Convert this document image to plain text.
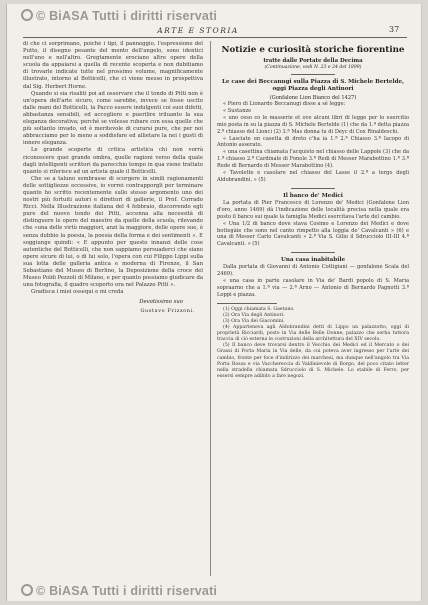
© BiASA Tutti i diritti riservati
ARTE E STORIA	37

di che ci sorprimano, poiché i tipi, il panneggio, l'espressione del Putto, il disegno pesante del mento dell'angelo, sono identici nell'uno e nell'altro. Gregtamente erociano altre opere della scuola da appaiarsi a quella di recente scoperta e non dubitiamo di trovarle indicate tutte nel prossimo volume, magnificamente illustrato, intorno al Botticelli, che ci viene messo in prospettiva dal Sig. Herbert Horne.

Quando si sia risaliti poi ad osservare che il tondo di Pitti non è un'opera dell'arte sicuro, come sarebbe, invece se fosse uscito dalle mani del Botticelli, la Pacco essere indulgenti coi suoi difetti, abbastanza sensibili, ed accogliere e puerilire iriluanto la sua eleganza decorativa; perché se volesse rubare con essa quelle che più soltanto invado, ed è meritevole di curarsi pure, che per noi abbracciamo per lo meno a soddisfare ed allietare la nei i gusti di innere eleganza.

Le grande scoperte di critica artistica chi non vorrà riconoscere quei grande ombra, quelle ragioni verso della quale dagli intelligenti scrittori da parecchio tempo in qua viene trattato quanto si riferisce ad un artista quale il Botticelli.

Che se a taluno sembrasse di scorgere in simili ragionamenti delle sottigliezze eccessive, io vorrei contrapporgli per terminare quanto ho scritto recentemente sullo stesso argomento uno dei nostri più fortuiti autori e direttori di gallerie, il Prof. Corrado Ricci. Nella Illustrazione italiana del 4 febbraio, discorrendo egli pure del nuovo tondo dei Pitti, accenna alla necessità di distinguere le opere del maestro da quelle della scuola, rilevando che «una delle virtù maggiori, anzi la maggiore, delle opere sue, è senza dubbio la poesia, la poesia della forma e dei sentimenti ». E soggiunge quindi: « E appunto per questo innanzi delle cose autentiche del Botticelli, che non sappiamo persuaderci che siano opere sicure di lui, o di lui solo, l'opera con cui Filippo Lippi sulla sua lotta delle galleria antica e moderna di Firenze, il San Sebastiano del Museo di Berlino, la Deposizione della croce del Museo Poldi Pezzoli di Milano, e per quanto possiamo giudicare da una fotografia, il quadro scoperto ora nel Palazzo Pitti ».

Gradisca i miei ossequi e mi creda

Devotissimo suo
Gustavo Frizzoni.
Notizie e curiosità storiche fiorentine
tratte dalle Portate della Decima
(Continuazione, vedi N. 23 e 24 del 1899)
Le case dei Beccanugi sulla Piazza di S. Michele Bertelde, oggi Piazza degli Antinori
(Gonfalone Lion Bianco del 1427)

« Piero di Lionardo Beccanugi disse a sé legge:

« Sustanze

« uno ceso co le masserie et ove alcuni libri di legge per lo esercitio mio posta in su la piazza di S. Michele Bertelde (1) che da 1.ª detta piazza 2.ª chiasso del Lionci (2) 3.ª Mas donna tu di Deyc di Cox Rinaldeschi.

« Lasciate un casetta di dreto c'ha ia 1.ª 2.ª Chiasso 3.ª Iacopo di Antonio asserato.

« una casettina chiamata l'acquisto nel chiasso delle Lappole (3) che da 1.ª chiasso 2.ª Cardinale di Fonole 3.ª Redi di Messer Marabottino 1.ª 3.ª Rede di Bernardo di Messer Marabottino (4).

« Tavolette e casolare nel chiasso del Lasse il 2.ª a tergo degli Aldobrandini. » (5)

Il banco de' Medici

La portata di Pier Francesco di Lorenzo de' Medici (Gonfalone Lion d'oro, anno 1469) dà l'indicazione delle località precisa nella quale era posto il banco sui quale la famiglia Medici esercitava l'arte del cambio.

« Una 1/2 di banco dove stava Cosimo e Lorenzo dei Medici e dove bottegàie che sono nel canto rimpetto alla loggia de' Cavalcanti » (6) e una di Messer Carlo Cavalcanti » 2.ª Via S. Gilio il Sdrucciolo III-III 4.ª Cavalcanti. » (5)

Una casa inabitabile

Dalla portata di Giovanni di Antonio Cottigiani — gonfalone Scala del 2469).

« una casa in parte casolare in Via de' Bardi popolo di S. Maria sopraarno che a 1.ª via — 2.ª Arno — Antonio di Bernardo Pagnotti 3.ª Loppi e piazza.

(1) Oggi chiamata S. Gaetano.

(2) Ora Via degli Antinori.

(3) Ora Via dei Giacomini.

(4) Apparteneva agli Aldobrandini detti di Lippo un palazzotto, oggi di proprietà Ricciardi, posto in Via delle Belle Donne, palazzo che serba tuttora traccia di ciò esterna le costruzioni della architettura del XIV secolo.

(5) Il banco deve trovarsi dentro il Vecchio dei Medici ed il Mercato o dei Grassi di Porta Maria in Via delle, da cui poteva aver ingresso per l'arte dei cambio, fronte per foce d'indirizzo dei marchesi, ma dunque nell'angolo tra Via Porta Rossa e via Vacchereccia di Valdinievole di Borgo, del poco citato letter nella stradella chiamata Sdrucciolo di S. Michele. Lo stabile di Ferro, per essersi sempre adibito a fare negozi.

© BiASA Tutti i diritti riservati
